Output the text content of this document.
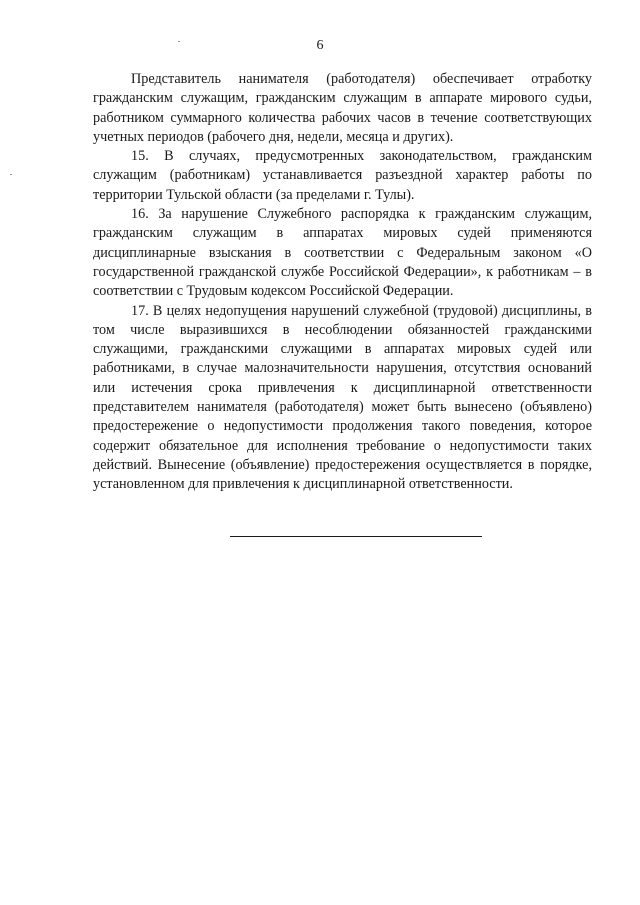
6

Представитель нанимателя (работодателя) обеспечивает отработку гражданским служащим, гражданским служащим в аппарате мирового судьи, работником суммарного количества рабочих часов в течение соответствующих учетных периодов (рабочего дня, недели, месяца и других).

15. В случаях, предусмотренных законодательством, гражданским служащим (работникам) устанавливается разъездной характер работы по территории Тульской области (за пределами г. Тулы).

16. За нарушение Служебного распорядка к гражданским служащим, гражданским служащим в аппаратах мировых судей применяются дисциплинарные взыскания в соответствии с Федеральным законом «О государственной гражданской службе Российской Федерации», к работникам – в соответствии с Трудовым кодексом Российской Федерации.

17. В целях недопущения нарушений служебной (трудовой) дисциплины, в том числе выразившихся в несоблюдении обязанностей гражданскими служащими, гражданскими служащими в аппаратах мировых судей или работниками, в случае малозначительности нарушения, отсутствия оснований или истечения срока привлечения к дисциплинарной ответственности представителем нанимателя (работодателя) может быть вынесено (объявлено) предостережение о недопустимости продолжения такого поведения, которое содержит обязательное для исполнения требование о недопустимости таких действий. Вынесение (объявление) предостережения осуществляется в порядке, установленном для привлечения к дисциплинарной ответственности.
